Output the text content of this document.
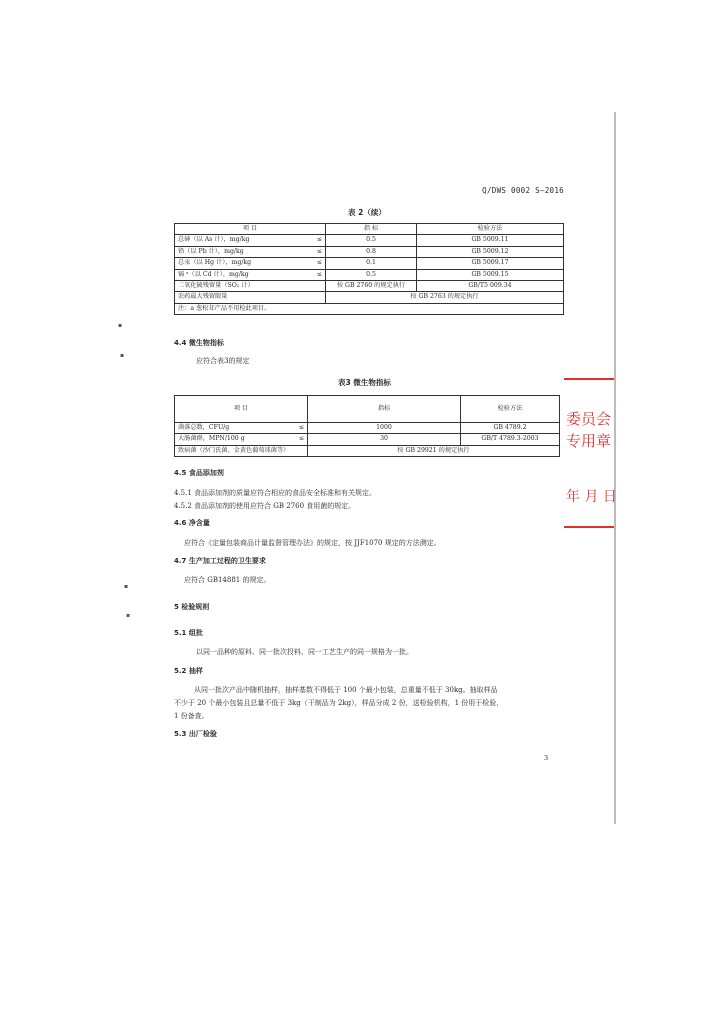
Q/DWS 0002 S—2016
表 2（续）
项 目		指 标	检验方法
总砷（以 As 计），mg/kg	≤	0.5	GB 5009.11
铅（以 Pb 计），mg/kg	≤	0.8	GB 5009.12
总汞（以 Hg 计），mg/kg	≤	0.1	GB 5009.17
镉 ᵃ（以 Cd 计），mg/kg	≤	0.5	GB 5009.15
二氧化硫残留量（SO₂ 计）		按 GB 2760 的规定执行	GB/T5 009.34
农药最大残留限量		按 GB 2763 的规定执行	
注：a 葱松茸产品不用检此项目。			
4.4 微生物指标
应符合表3的规定
表3 微生物指标
项 目		指标	检验方法
菌落总数，CFU/g	≤	1000	GB 4789.2
大肠菌群，MPN/100 g	≤	30	GB/T 4789.3-2003
致病菌（沙门氏菌、金黄色葡萄球菌等）		按 GB 29921 的规定执行	
4.5 食品添加剂
4.5.1 食品添加剂的质量应符合相应的食品安全标准和有关规定。
4.5.2 食品添加剂的使用应符合 GB 2760 食用菌的规定。
4.6 净含量
应符合《定量包装商品计量监督管理办法》的规定，按 JJF1070 规定的方法测定。
4.7 生产加工过程的卫生要求
应符合 GB14881 的规定。
5 检验规则
5.1 组批
以同一品种的原料、同一批次投料、同一工艺生产的同一规格为一批。
5.2 抽样
从同一批次产品中随机抽样，抽样基数不得低于 100 个最小包装，总重量不低于 30kg。抽取样品
不少于 20 个最小包装且总量不低于 3kg（干制品为 2kg），样品分成 2 份，送检验机构，1 份用于检验，
1 份备查。
5.3 出厂检验
3
委员会
专用章
年 月 日
▪
▪
▪
▪
